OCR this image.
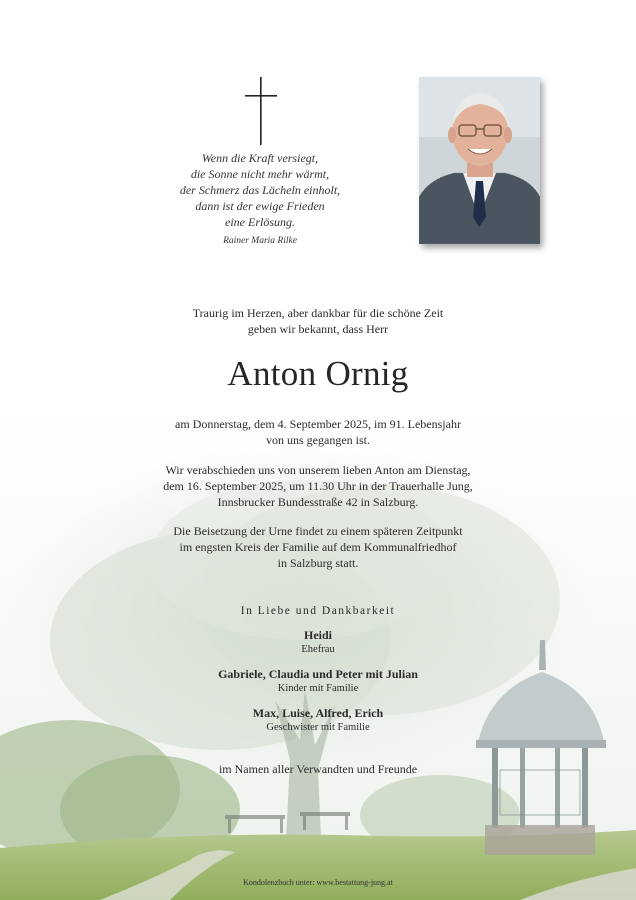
Wenn die Kraft versiegt,
die Sonne nicht mehr wärmt,
der Schmerz das Lächeln einholt,
dann ist der ewige Frieden
eine Erlösung.
Rainer Maria Rilke
Traurig im Herzen, aber dankbar für die schöne Zeit
geben wir bekannt, dass Herr
Anton Ornig
am Donnerstag, dem 4. September 2025, im 91. Lebensjahr
von uns gegangen ist.
Wir verabschieden uns von unserem lieben Anton am Dienstag,
dem 16. September 2025, um 11.30 Uhr in der Trauerhalle Jung,
Innsbrucker Bundesstraße 42 in Salzburg.
Die Beisetzung der Urne findet zu einem späteren Zeitpunkt
im engsten Kreis der Familie auf dem Kommunalfriedhof
in Salzburg statt.
In Liebe und Dankbarkeit
Heidi
Ehefrau
Gabriele, Claudia und Peter mit Julian
Kinder mit Familie
Max, Luise, Alfred, Erich
Geschwister mit Familie
im Namen aller Verwandten und Freunde
Kondolenzbuch unter: www.bestattung-jung.at
